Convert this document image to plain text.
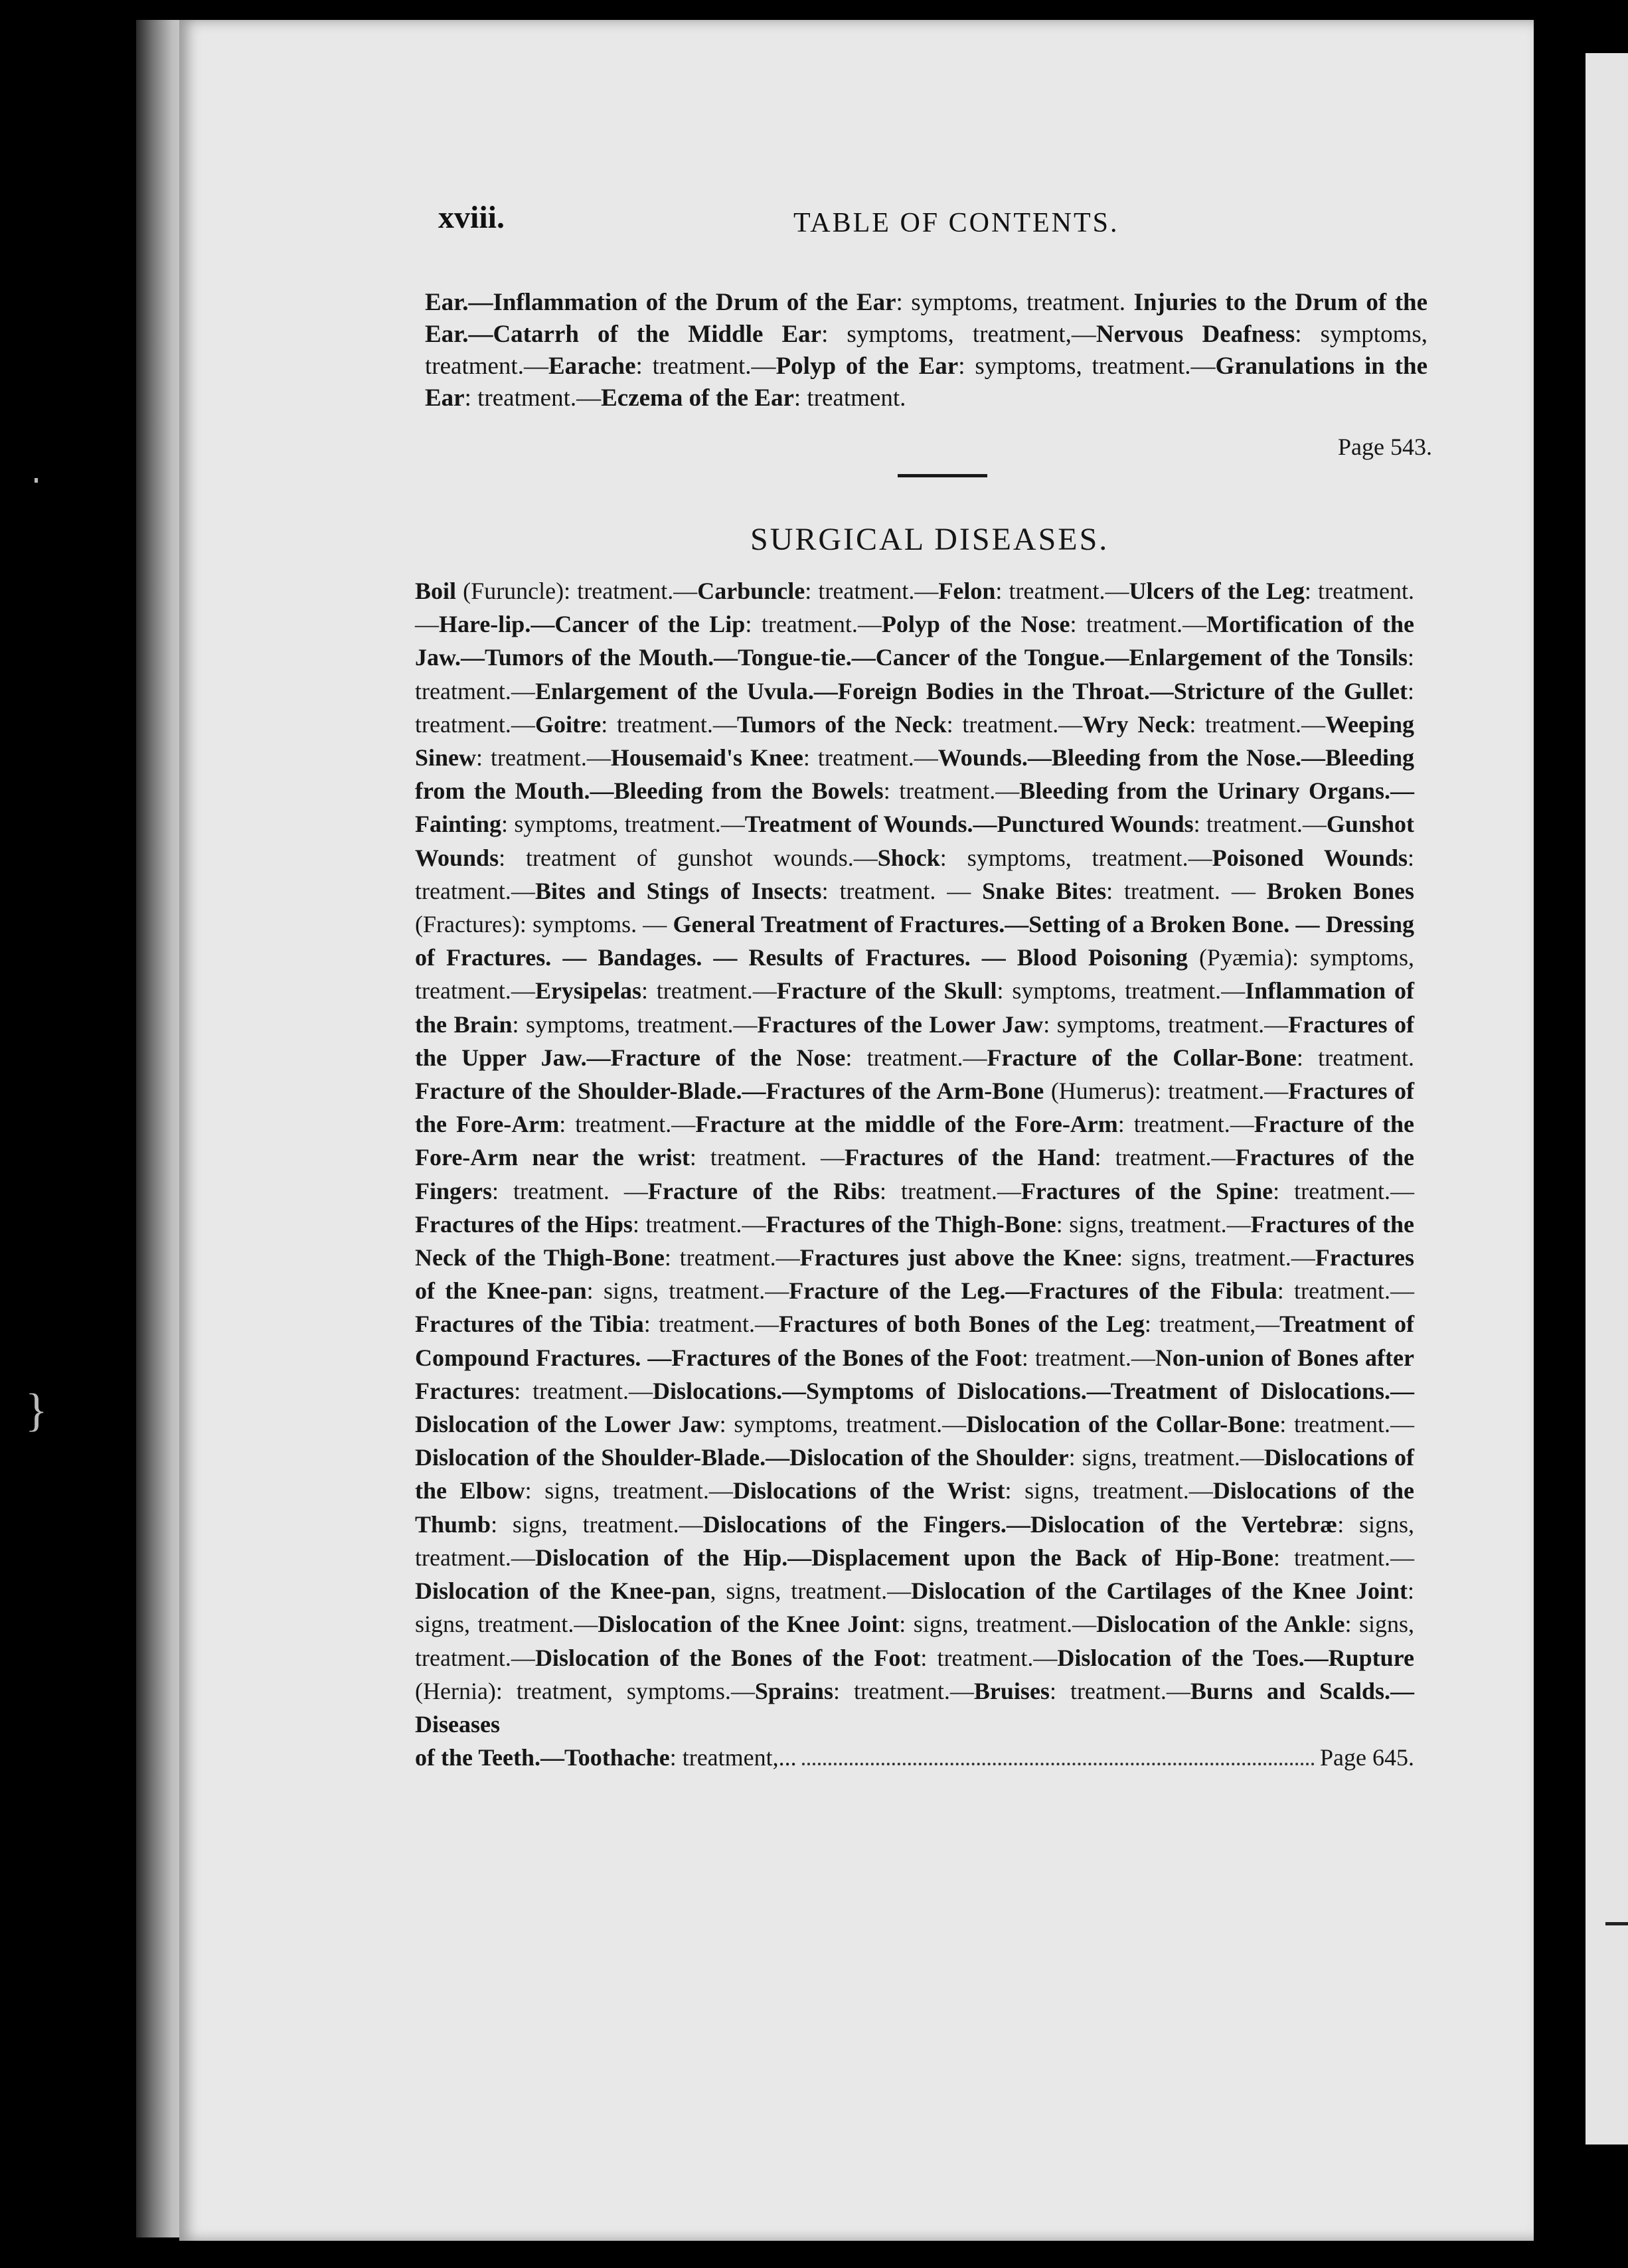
}
xviii.	TABLE OF CONTENTS.

Ear.—Inflammation of the Drum of the Ear: symptoms, treatment. Injuries to the Drum of the Ear.—Catarrh of the Middle Ear: symptoms, treatment,—Nervous Deafness: symptoms, treatment.—Earache: treatment.—Polyp of the Ear: symptoms, treatment.—Granulations in the Ear: treatment.—Eczema of the Ear: treatment.

Page 543.
SURGICAL DISEASES.

Boil (Furuncle): treatment.—Carbuncle: treatment.—Felon: treatment.—Ulcers of the Leg: treatment.—Hare-lip.—Cancer of the Lip: treatment.—Polyp of the Nose: treatment.—Mortification of the Jaw.—Tumors of the Mouth.—Tongue-tie.—Cancer of the Tongue.—Enlargement of the Tonsils: treatment.—Enlargement of the Uvula.—Foreign Bodies in the Throat.—Stricture of the Gullet: treatment.—Goitre: treatment.—Tumors of the Neck: treatment.—Wry Neck: treatment.—Weeping Sinew: treatment.—Housemaid's Knee: treatment.—Wounds.—Bleeding from the Nose.—Bleeding from the Mouth.—Bleeding from the Bowels: treatment.—Bleeding from the Urinary Organs.—Fainting: symptoms, treatment.—Treatment of Wounds.—Punctured Wounds: treatment.—Gunshot Wounds: treatment of gunshot wounds.—Shock: symptoms, treatment.—Poisoned Wounds: treatment.—Bites and Stings of Insects: treatment. — Snake Bites: treatment. — Broken Bones (Fractures): symptoms. — General Treatment of Fractures.—Setting of a Broken Bone. — Dressing of Fractures. — Bandages. — Results of Fractures. — Blood Poisoning (Pyæmia): symptoms, treatment.—Erysipelas: treatment.—Fracture of the Skull: symptoms, treatment.—Inflammation of the Brain: symptoms, treatment.—Fractures of the Lower Jaw: symptoms, treatment.—Fractures of the Upper Jaw.—Fracture of the Nose: treatment.—Fracture of the Collar-Bone: treatment. Fracture of the Shoulder-Blade.—Fractures of the Arm-Bone (Humerus): treatment.—Fractures of the Fore-Arm: treatment.—Fracture at the middle of the Fore-Arm: treatment.—Fracture of the Fore-Arm near the wrist: treatment. —Fractures of the Hand: treatment.—Fractures of the Fingers: treatment. —Fracture of the Ribs: treatment.—Fractures of the Spine: treatment.—Fractures of the Hips: treatment.—Fractures of the Thigh-Bone: signs, treatment.—Fractures of the Neck of the Thigh-Bone: treatment.—Fractures just above the Knee: signs, treatment.—Fractures of the Knee-pan: signs, treatment.—Fracture of the Leg.—Fractures of the Fibula: treatment.—Fractures of the Tibia: treatment.—Fractures of both Bones of the Leg: treatment,—Treatment of Compound Fractures. —Fractures of the Bones of the Foot: treatment.—Non-union of Bones after Fractures: treatment.—Dislocations.—Symptoms of Dislocations.—Treatment of Dislocations.—Dislocation of the Lower Jaw: symptoms, treatment.—Dislocation of the Collar-Bone: treatment.—Dislocation of the Shoulder-Blade.—Dislocation of the Shoulder: signs, treatment.—Dislocations of the Elbow: signs, treatment.—Dislocations of the Wrist: signs, treatment.—Dislocations of the Thumb: signs, treatment.—Dislocations of the Fingers.—Dislocation of the Vertebræ: signs, treatment.—Dislocation of the Hip.—Displacement upon the Back of Hip-Bone: treatment.—Dislocation of the Knee-pan, signs, treatment.—Dislocation of the Cartilages of the Knee Joint: signs, treatment.—Dislocation of the Knee Joint: signs, treatment.—Dislocation of the Ankle: signs, treatment.—Dislocation of the Bones of the Foot: treatment.—Dislocation of the Toes.—Rupture (Hernia): treatment, symptoms.—Sprains: treatment.—Bruises: treatment.—Burns and Scalds.—Diseases

of the Teeth.—Toothache: treatment,...	Page 645.
